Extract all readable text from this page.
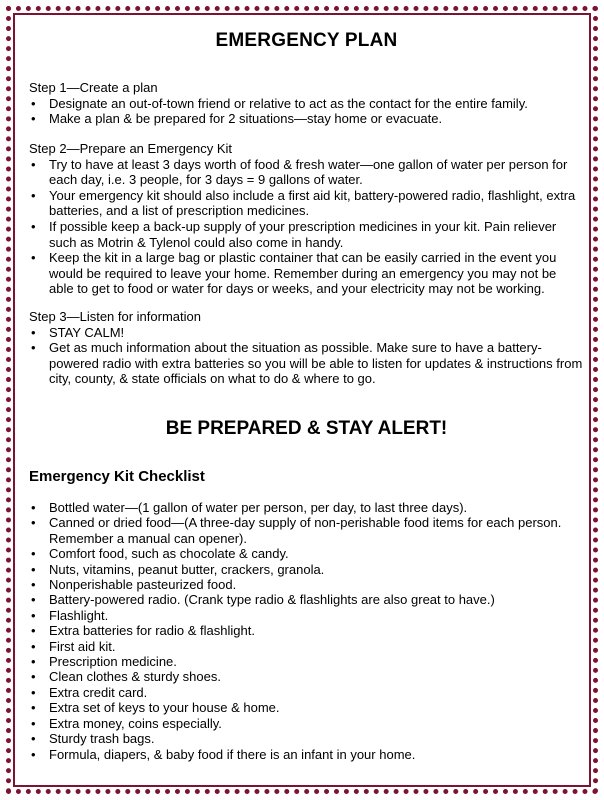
EMERGENCY PLAN

Step 1—Create a plan

• Designate an out-of-town friend or relative to act as the contact for the entire family.
• Make a plan & be prepared for 2 situations—stay home or evacuate.

Step 2—Prepare an Emergency Kit

• Try to have at least 3 days worth of food & fresh water—one gallon of water per person for each day, i.e. 3 people, for 3 days = 9 gallons of water.
• Your emergency kit should also include a first aid kit, battery-powered radio, flashlight, extra batteries, and a list of prescription medicines.
• If possible keep a back-up supply of your prescription medicines in your kit. Pain reliever such as Motrin & Tylenol could also come in handy.
• Keep the kit in a large bag or plastic container that can be easily carried in the event you would be required to leave your home. Remember during an emergency you may not be able to get to food or water for days or weeks, and your electricity may not be working.

Step 3—Listen for information

• STAY CALM!
• Get as much information about the situation as possible. Make sure to have a battery-powered radio with extra batteries so you will be able to listen for updates & instructions from city, county, & state officials on what to do & where to go.
BE PREPARED & STAY ALERT!
Emergency Kit Checklist
• Bottled water—(1 gallon of water per person, per day, to last three days).
• Canned or dried food—(A three-day supply of non-perishable food items for each person. Remember a manual can opener).
• Comfort food, such as chocolate & candy.
• Nuts, vitamins, peanut butter, crackers, granola.
• Nonperishable pasteurized food.
• Battery-powered radio. (Crank type radio & flashlights are also great to have.)
• Flashlight.
• Extra batteries for radio & flashlight.
• First aid kit.
• Prescription medicine.
• Clean clothes & sturdy shoes.
• Extra credit card.
• Extra set of keys to your house & home.
• Extra money, coins especially.
• Sturdy trash bags.
• Formula, diapers, & baby food if there is an infant in your home.
